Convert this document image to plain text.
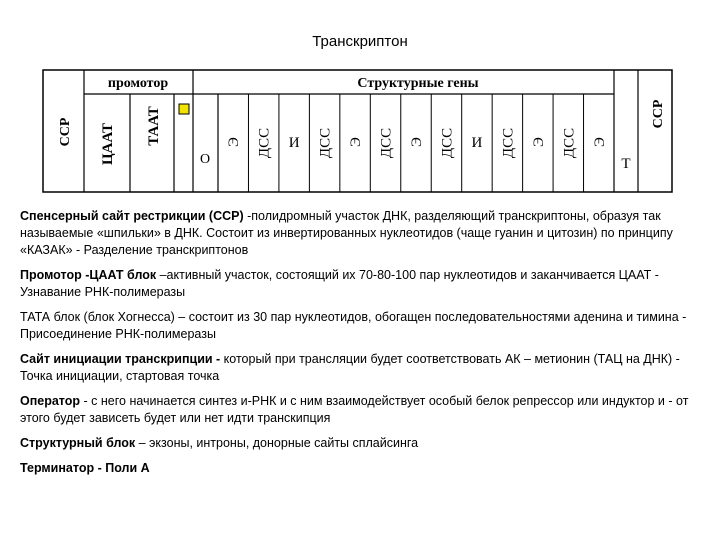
Транскриптон
промотор	Структурные гены
ССР ЦААТ ТААТ	ССР
О
Э ДСС И ДСС Э ДСС Э ДСС И ДСС Э ДСС Э
Т

Спенсерный сайт рестрикции (ССР) -полидромный участок ДНК, разделяющий транскриптоны, образуя так называемые «шпильки» в ДНК. Состоит из инвертированных нуклеотидов (чаще гуанин и цитозин) по принципу «КАЗАК» - Разделение транскриптонов

Промотор -ЦААТ блок –активный участок, состоящий их 70-80-100 пар нуклеотидов и заканчивается ЦААТ - Узнавание РНК-полимеразы

ТАТА блок (блок Хогнесса) – состоит из 30 пар нуклеотидов, обогащен последовательностями аденина и тимина - Присоединение РНК-полимеразы

Сайт инициации транскрипции - который при трансляции будет соответствовать АК – метионин (ТАЦ на ДНК) - Точка инициации, стартовая точка

Оператор - с него начинается синтез и-РНК и с ним взаимодействует особый белок репрессор или индуктор и - от этого будет зависеть будет или нет идти транскипция

Структурный блок – экзоны, интроны, донорные сайты сплайсинга

Терминатор - Поли А
